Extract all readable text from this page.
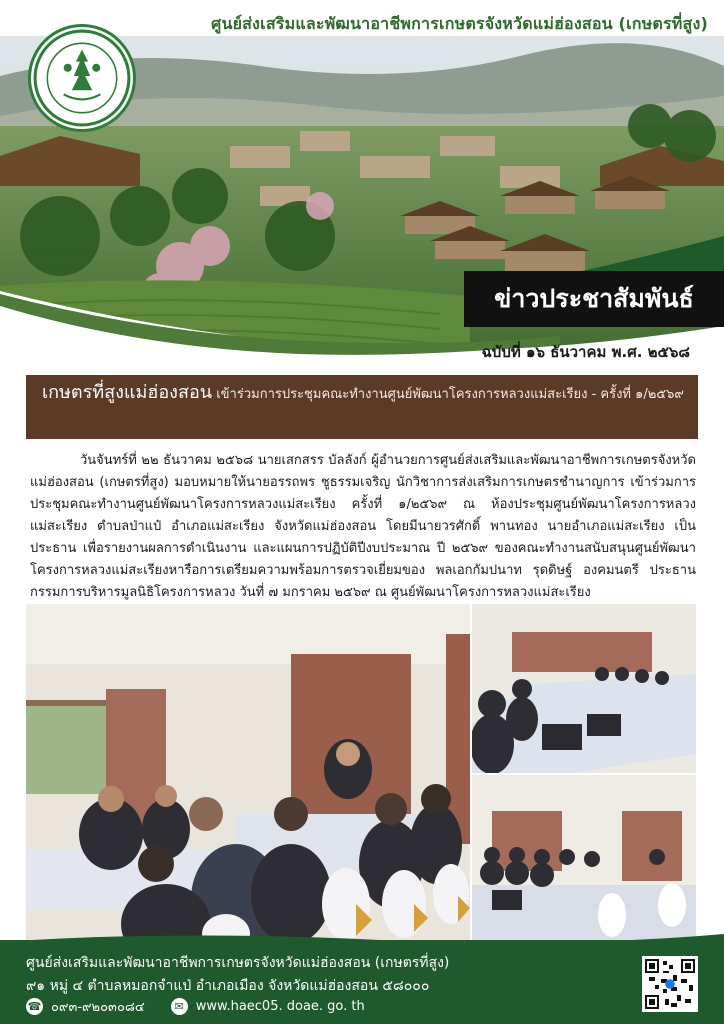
ศูนย์ส่งเสริมและพัฒนาอาชีพการเกษตรจังหวัดแม่ฮ่องสอน (เกษตรที่สูง)
ข่าวประชาสัมพันธ์
ฉบับที่ ๑๖ ธันวาคม พ.ศ. ๒๕๖๘
เกษตรที่สูงแม่ฮ่องสอน เข้าร่วมการประชุมคณะทำงานศูนย์พัฒนาโครงการหลวงแม่สะเรียง - ครั้งที่ ๑/๒๕๖๙

วันจันทร์ที่ ๒๒ ธันวาคม ๒๕๖๘ นายเสกสรร บัลลังก์ ผู้อำนวยการศูนย์ส่งเสริมและพัฒนาอาชีพการเกษตรจังหวัดแม่ฮ่องสอน (เกษตรที่สูง) มอบหมายให้นายอรรถพร ชูธรรมเจริญ นักวิชาการส่งเสริมการเกษตรชำนาญการ เข้าร่วมการประชุมคณะทำงานศูนย์พัฒนาโครงการหลวงแม่สะเรียง ครั้งที่ ๑/๒๕๖๙ ณ ห้องประชุมศูนย์พัฒนาโครงการหลวงแม่สะเรียง ตำบลป่าแป๋ อำเภอแม่สะเรียง จังหวัดแม่ฮ่องสอน โดยมีนายวรศักดิ์ พานทอง นายอำเภอแม่สะเรียง เป็นประธาน เพื่อรายงานผลการดำเนินงาน และแผนการปฏิบัติปีงบประมาณ ปี ๒๕๖๙ ของคณะทำงานสนับสนุนศูนย์พัฒนาโครงการหลวงแม่สะเรียงหารือการเตรียมความพร้อมการตรวจเยี่ยมของ พลเอกกัมปนาท รุดดิษฐ์ องคมนตรี ประธานกรรมการบริหารมูลนิธิโครงการหลวง วันที่ ๗ มกราคม ๒๕๖๙ ณ ศูนย์พัฒนาโครงการหลวงแม่สะเรียง

ศูนย์ส่งเสริมและพัฒนาอาชีพการเกษตรจังหวัดแม่ฮ่องสอน (เกษตรที่สูง)
๙๑ หมู่ ๔ ตำบลหมอกจำแป่ อำเภอเมือง จังหวัดแม่ฮ่องสอน ๕๘๐๐๐
☎ ๐๙๓-๙๒๐๓๐๘๔	✉ www.haec05. doae. go. th
